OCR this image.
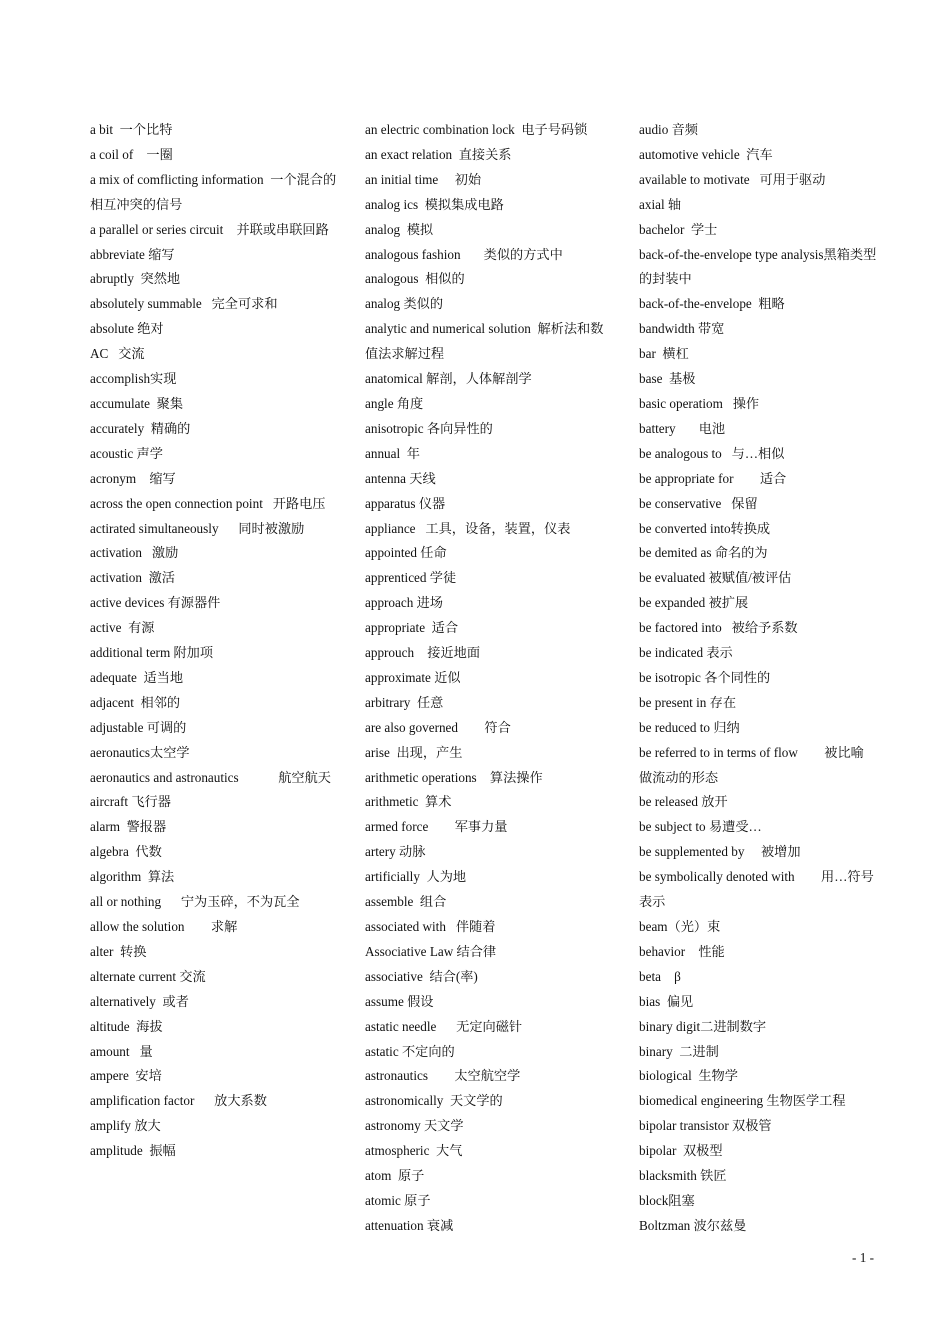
a bit  一个比特
a coil of    一圈
a mix of comflicting information  一个混合的相互冲突的信号
a parallel or series circuit    并联或串联回路
abbreviate 缩写
abruptly  突然地
absolutely summable   完全可求和
absolute 绝对
AC   交流
accomplish实现
accumulate  聚集
accurately  精确的
acoustic 声学
acronym    缩写
across the open connection point   开路电压
actirated simultaneously      同时被激励
activation   激励
activation  激活
active devices 有源器件
active  有源
additional term 附加项
adequate  适当地
adjacent  相邻的
adjustable 可调的
aeronautics太空学
aeronautics and astronautics            航空航天
aircraft 飞行器
alarm  警报器
algebra  代数
algorithm  算法
all or nothing      宁为玉碎，不为瓦全
allow the solution        求解
alter  转换
alternate current 交流
alternatively  或者
altitude  海拔
amount   量
ampere  安培
amplification factor      放大系数
amplify 放大
amplitude  振幅
an electric combination lock  电子号码锁
an exact relation  直接关系
an initial time     初始
analog ics  模拟集成电路
analog  模拟
analogous fashion       类似的方式中
analogous  相似的
analog 类似的
analytic and numerical solution  解析法和数值法求解过程
anatomical 解剖，人体解剖学
angle 角度
anisotropic 各向异性的
annual  年
antenna 天线
apparatus 仪器
appliance   工具，设备，装置，仪表
appointed 任命
apprenticed 学徒
approach 进场
appropriate  适合
approuch    接近地面
approximate 近似
arbitrary  任意
are also governed        符合
arise  出现，产生
arithmetic operations    算法操作
arithmetic  算术
armed force        军事力量
artery 动脉
artificially  人为地
assemble  组合
associated with   伴随着
Associative Law 结合律
associative  结合(率)
assume 假设
astatic needle      无定向磁针
astatic 不定向的
astronautics        太空航空学
astronomically  天文学的
astronomy 天文学
atmospheric  大气
atom  原子
atomic 原子
attenuation 衰减
audio 音频
automotive vehicle  汽车
available to motivate   可用于驱动
axial 轴
bachelor  学士
back-of-the-envelope type analysis黑箱类型的封装中
back-of-the-envelope  粗略
bandwidth 带宽
bar  横杠
base  基极
basic operatiom   操作
battery       电池
be analogous to   与…相似
be appropriate for        适合
be conservative   保留
be converted into转换成
be demited as 命名的为
be evaluated 被赋值/被评估
be expanded 被扩展
be factored into   被给予系数
be indicated 表示
be isotropic 各个同性的
be present in 存在
be reduced to 归纳
be referred to in terms of flow        被比喻做流动的形态
be released 放开
be subject to 易遭受…
be supplemented by     被增加
be symbolically denoted with        用…符号表示
beam（光）束
behavior    性能
beta    β
bias  偏见
binary digit二进制数字
binary  二进制
biological  生物学
biomedical engineering 生物医学工程
bipolar transistor 双极管
bipolar  双极型
blacksmith 铁匠
block阻塞
Boltzman 波尔兹曼
- 1 -
